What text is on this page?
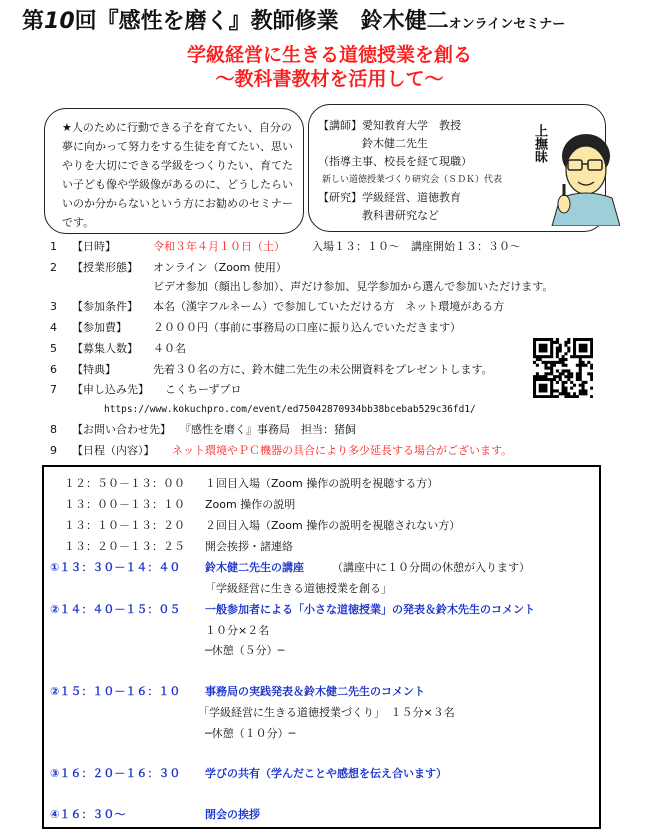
第10回『感性を磨く』教師修業　鈴木健二オンラインセミナー
学級経営に生きる道徳授業を創る
～教科書教材を活用して～
★人のために行動できる子を育てたい、自分の夢に向かって努力をする生徒を育てたい、思いやりを大切にできる学級をつくりたい、育てたい子ども像や学級像があるのに、どうしたらいいのか分からないという方にお勧めのセミナーです。
【講師】 愛知教育大学　教授
鈴木健二先生
（指導主事、校長を経て現職）
新しい道徳授業づくり研究会（ＳＤＫ）代表
【研究】 学級経営、道徳教育
教科書研究など
上撫昧
1 【日時】	令和３年４月１０日（土） 入場１３：１０～　講座開始１３：３０～
2 【授業形態】 オンライン（Zoom 使用）
ビデオ参加（顔出し参加）、声だけ参加、見学参加から選んで参加いただけます。
3 【参加条件】 本名（漢字フルネーム）で参加していただける方　ネット環境がある方
4 【参加費】 ２０００円（事前に事務局の口座に振り込んでいただきます）
5 【募集人数】 ４０名
6 【特典】	先着３０名の方に、鈴木健二先生の未公開資料をプレゼントします。
7 【申し込み先】 こくちーずプロ
https://www.kokuchpro.com/event/ed75042870934bb38bcebab529c36fd1/
8 【お問い合わせ先】 『感性を磨く』事務局　担当：猪飼
9 【日程（内容）】 ネット環境やＰＣ機器の具合により多少延長する場合がございます。
１２：５０－１３：００ １回目入場（Zoom 操作の説明を視聴する方）
１３：００－１３：１０ Zoom 操作の説明
１３：１０－１３：２０ ２回目入場（Zoom 操作の説明を視聴されない方）
１３：２０－１３：２５ 開会挨拶・諸連絡
①１３：３０－１４：４０ 鈴木健二先生の講座	（講座中に１０分間の休憩が入ります）
「学級経営に生きる道徳授業を創る」
②１４：４０－１５：０５ 一般参加者による「小さな道徳授業」の発表＆鈴木先生のコメント
１０分×２名
─休憩（５分）─
②１５：１０－１６：１０ 事務局の実践発表＆鈴木健二先生のコメント
「学級経営に生きる道徳授業づくり」　１５分×３名
─休憩（１０分）─
③１６：２０－１６：３０ 学びの共有（学んだことや感想を伝え合います）
④１６：３０～	閉会の挨拶
